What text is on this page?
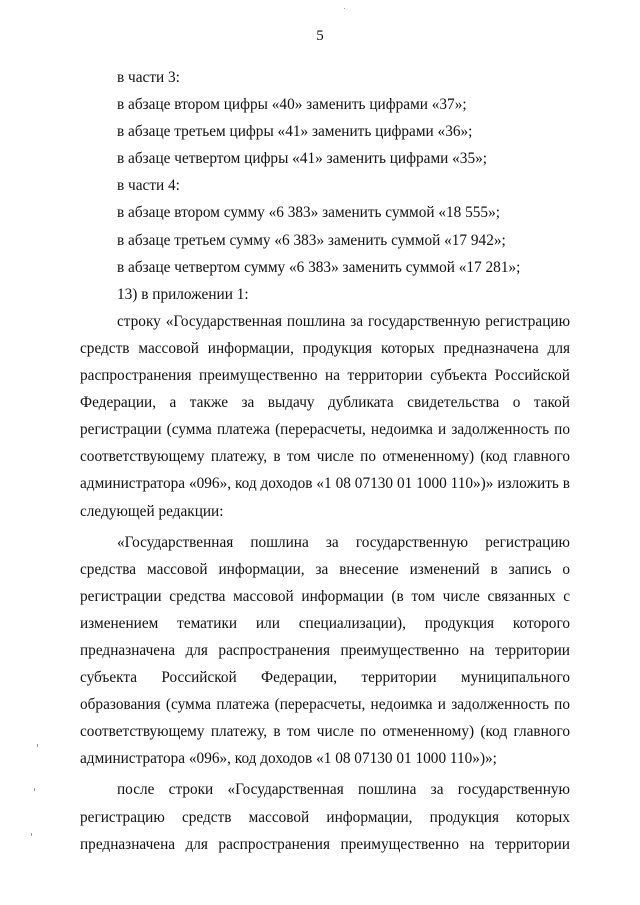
5

в части 3:

в абзаце втором цифры «40» заменить цифрами «37»;

в абзаце третьем цифры «41» заменить цифрами «36»;

в абзаце четвертом цифры «41» заменить цифрами «35»;

в части 4:

в абзаце втором сумму «6 383» заменить суммой «18 555»;

в абзаце третьем сумму «6 383» заменить суммой «17 942»;

в абзаце четвертом сумму «6 383» заменить суммой «17 281»;

13) в приложении 1:

строку «Государственная пошлина за государственную регистрацию средств массовой информации, продукция которых предназначена для распространения преимущественно на территории субъекта Российской Федерации, а также за выдачу дубликата свидетельства о такой регистрации (сумма платежа (перерасчеты, недоимка и задолженность по соответствующему платежу, в том числе по отмененному) (код главного администратора «096», код доходов «1 08 07130 01 1000 110»)» изложить в следующей редакции:

«Государственная пошлина за государственную регистрацию средства массовой информации, за внесение изменений в запись о регистрации средства массовой информации (в том числе связанных с изменением тематики или специализации), продукция которого предназначена для распространения преимущественно на территории субъекта Российской Федерации, территории муниципального образования (сумма платежа (перерасчеты, недоимка и задолженность по соответствующему платежу, в том числе по отмененному) (код главного администратора «096», код доходов «1 08 07130 01 1000 110»)»;

после строки «Государственная пошлина за государственную регистрацию средств массовой информации, продукция которых предназначена для распространения преимущественно на территории
